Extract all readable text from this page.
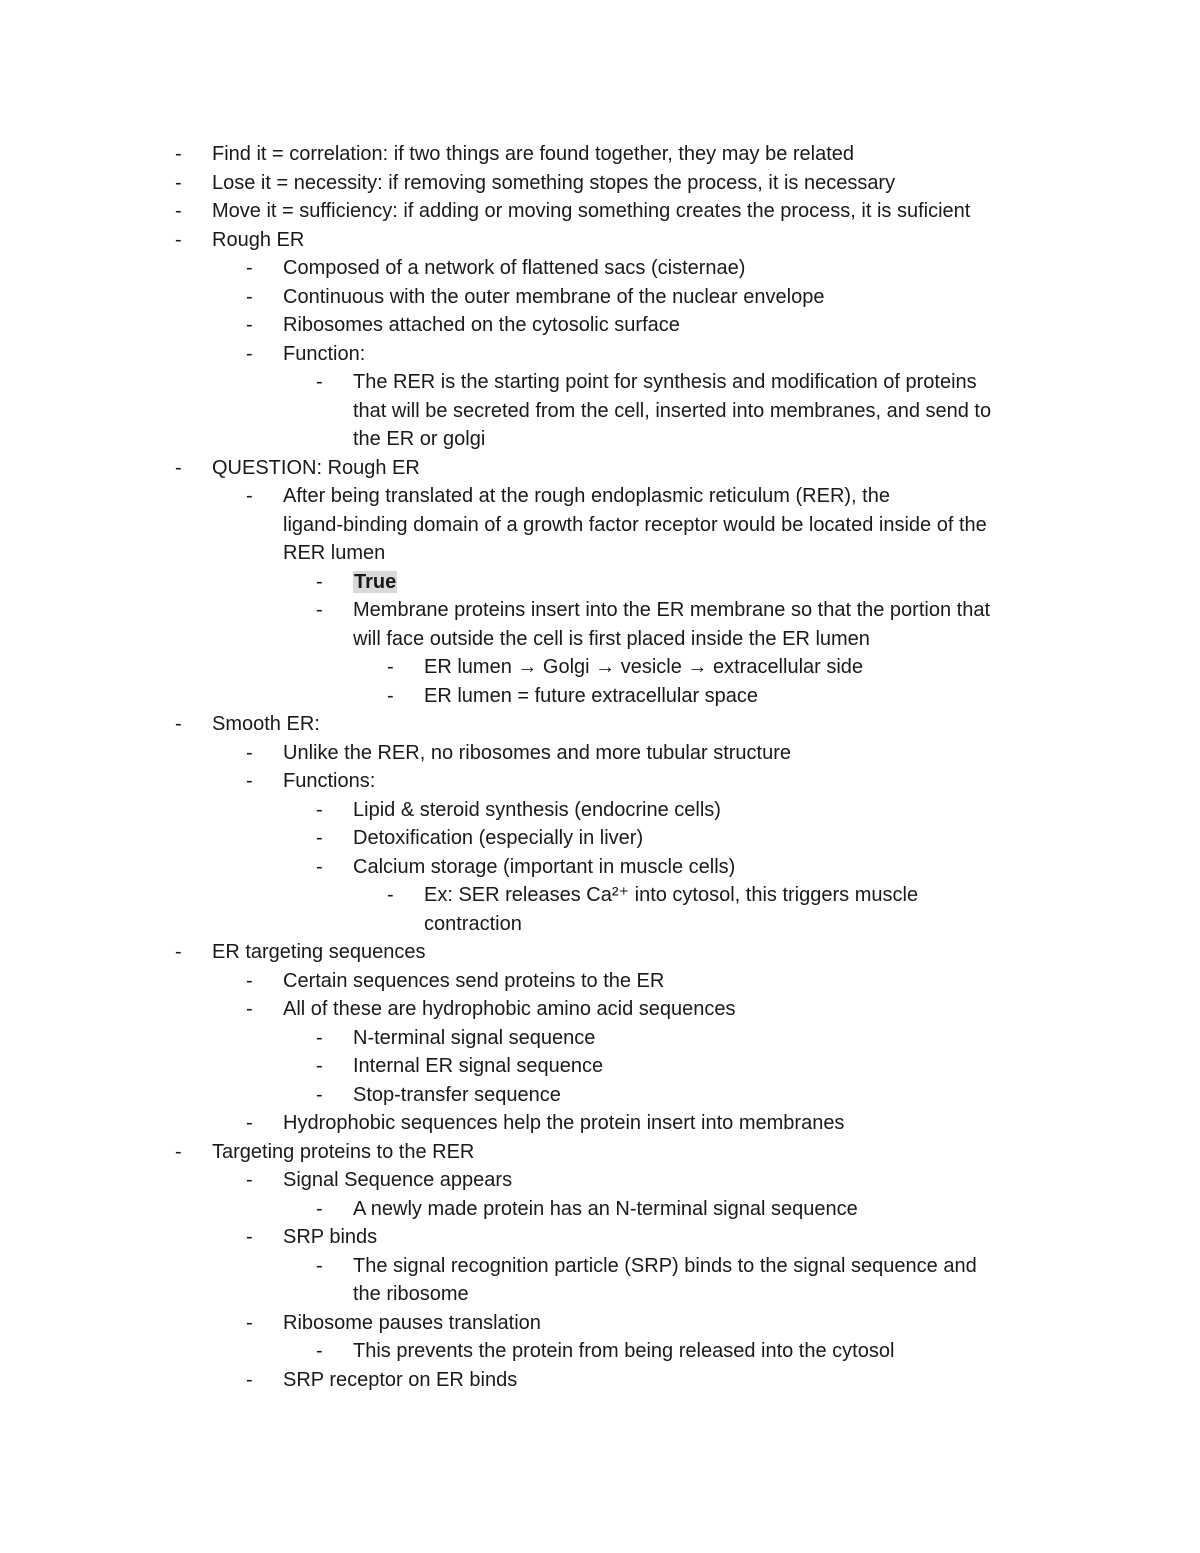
-	Find it = correlation: if two things are found together, they may be related
-	Lose it = necessity: if removing something stopes the process, it is necessary
-	Move it = sufficiency: if adding or moving something creates the process, it is suficient
-	Rough ER
-	Composed of a network of flattened sacs (cisternae)
-	Continuous with the outer membrane of the nuclear envelope
-	Ribosomes attached on the cytosolic surface
-	Function:
-	The RER is the starting point for synthesis and modification of proteins
that will be secreted from the cell, inserted into membranes, and send to
the ER or golgi
-	QUESTION: Rough ER
-	After being translated at the rough endoplasmic reticulum (RER), the
ligand-binding domain of a growth factor receptor would be located inside of the
RER lumen
-	True
-	Membrane proteins insert into the ER membrane so that the portion that
will face outside the cell is first placed inside the ER lumen
-	ER lumen → Golgi → vesicle → extracellular side
-	ER lumen = future extracellular space
-	Smooth ER:
-	Unlike the RER, no ribosomes and more tubular structure
-	Functions:
-	Lipid & steroid synthesis (endocrine cells)
-	Detoxification (especially in liver)
-	Calcium storage (important in muscle cells)
-	Ex: SER releases Ca²⁺ into cytosol, this triggers muscle
contraction
-	ER targeting sequences
-	Certain sequences send proteins to the ER
-	All of these are hydrophobic amino acid sequences
-	N-terminal signal sequence
-	Internal ER signal sequence
-	Stop-transfer sequence
-	Hydrophobic sequences help the protein insert into membranes
-	Targeting proteins to the RER
-	Signal Sequence appears
-	A newly made protein has an N-terminal signal sequence
-	SRP binds
-	The signal recognition particle (SRP) binds to the signal sequence and
the ribosome
-	Ribosome pauses translation
-	This prevents the protein from being released into the cytosol
-	SRP receptor on ER binds
